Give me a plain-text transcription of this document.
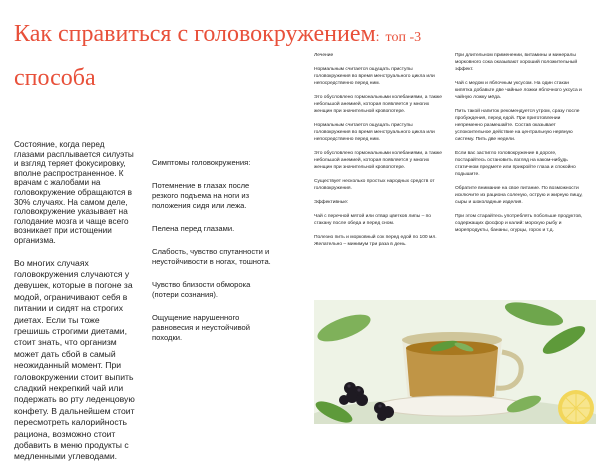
Как справиться с головокружением: топ -3
способа

Состояние, когда перед глазами расплывается силуэты и взгляд теряет фокусировку, вполне распространенное. К врачам с жалобами на головокружение обращаются в 30% случаях. На самом деле, головокружение указывает на голодание мозга и чаще всего возникает при истощении организма.

Во многих случаях головокружения случаются у девушек, которые в погоне за модой, ограничивают себя в питании и сидят на строгих диетах. Если ты тоже грешишь строгими диетами, стоит знать, что организм может дать сбой в самый неожиданный момент. При головокружении стоит выпить сладкий некрепкий чай или подержать во рту леденцовую конфету. В дальнейшем стоит пересмотреть калорийность рациона, возможно стоит добавить в меню продукты с медленными углеводами.

Симптомы головокружения:

Потемнение в глазах после резкого подъема на ноги из положения сидя или лежа.

Пелена перед глазами.

Слабость, чувство спутанности и неустойчивости в ногах, тошнота.

Чувство близости обморока (потери сознания).

Ощущение нарушенного равновесия и неустойчивой походки.

Лечение

Нормальным считается ощущать приступы головокружения во время менструального цикла или непосредственно перед ним.

Это обусловлено гормональными колебаниями, а также небольшой анемией, которая появляется у многих женщин при значительной кровопотере.

Нормальным считается ощущать приступы головокружения во время менструального цикла или непосредственно перед ним.

Это обусловлено гормональными колебаниями, а также небольшой анемией, которая появляется у многих женщин при значительной кровопотере.

Существует несколько простых народных средств от головокружения.

Эффективные:

Чай с перечной мятой или отвар цветков липы – по стакану после обеда и перед сном.

Полезно пить и морковный сок перед едой по 100 мл. Желательно – минимум три раза в день.

При длительном применении, витамины и минералы морковного сока оказывают хороший положительный эффект.

Чай с медом и яблочным уксусом. На один стакан кипятка добавьте две чайные ложки яблочного уксуса и чайную ложку мёда.

Пить такой напиток рекомендуется утром, сразу после пробуждения, перед едой. При приготовлении непременно размешайте. Состав оказывает успокоительное действие на центральную нервную систему. Пить две недели.

Если вас застигло головокружение в дороге, постарайтесь остановить взгляд на каком-нибудь статичном предмете или прикройте глаза и спокойно подышите.

Обратите внимание на свое питание. По возможности исключите из рациона соленую, острую и жирную пищу, сыры и шоколадные изделия.

При этом старайтесь употреблять побольше продуктов, содержащих фосфор и калий: морскую рыбу и морепродукты, бананы, огурцы, горох и т.д.
